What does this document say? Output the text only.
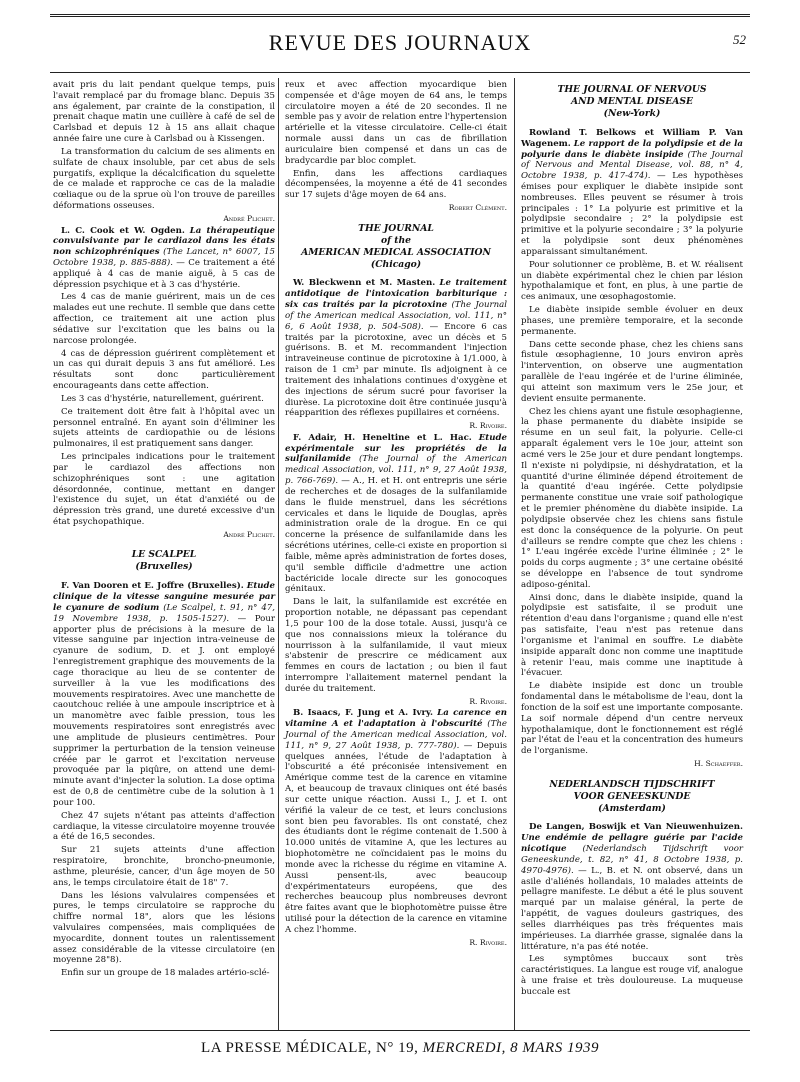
REVUE DES JOURNAUX	52

avait pris du lait pendant quelque temps, puis l'avait remplacé par du fromage blanc. Depuis 35 ans également, par crainte de la constipation, il prenait chaque matin une cuillère à café de sel de Carlsbad et depuis 12 à 15 ans allait chaque année faire une cure à Carlsbad ou à Kissengen.

La transformation du calcium de ses aliments en sulfate de chaux insoluble, par cet abus de sels purgatifs, explique la décalcification du squelette de ce malade et rapproche ce cas de la maladie cœliaque ou de la sprue où l'on trouve de pareilles déformations osseuses.

André Plichet.

L. C. Cook et W. Ogden. La thérapeutique convulsivante par le cardiazol dans les états non schizophréniques (The Lancet, n° 6007, 15 Octobre 1938, p. 885-888). — Ce traitement a été appliqué à 4 cas de manie aiguë, à 5 cas de dépression psychique et à 3 cas d'hystérie.

Les 4 cas de manie guérirent, mais un de ces malades eut une rechute. Il semble que dans cette affection, ce traitement ait une action plus sédative sur l'excitation que les bains ou la narcose prolongée.

4 cas de dépression guérirent complètement et un cas qui durait depuis 3 ans fut amélioré. Les résultats sont donc particulièrement encourageants dans cette affection.

Les 3 cas d'hystérie, naturellement, guérirent.

Ce traitement doit être fait à l'hôpital avec un personnel entraîné. En ayant soin d'éliminer les sujets atteints de cardiopathie ou de lésions pulmonaires, il est pratiquement sans danger.

Les principales indications pour le traitement par le cardiazol des affections non schizophréniques sont : une agitation désordonnée, continue, mettant en danger l'existence du sujet, un état d'anxiété ou de dépression très grand, une dureté excessive d'un état psychopathique.

André Plichet.

LE SCALPEL
(Bruxelles)

F. Van Dooren et E. Joffre (Bruxelles). Etude clinique de la vitesse sanguine mesurée par le cyanure de sodium (Le Scalpel, t. 91, n° 47, 19 Novembre 1938, p. 1505-1527). — Pour apporter plus de précisions à la mesure de la vitesse sanguine par injection intra-veineuse de cyanure de sodium, D. et J. ont employé l'enregistrement graphique des mouvements de la cage thoracique au lieu de se contenter de surveiller à la vue les modifications des mouvements respiratoires. Avec une manchette de caoutchouc reliée à une ampoule inscriptrice et à un manomètre avec faible pression, tous les mouvements respiratoires sont enregistrés avec une amplitude de plusieurs centimètres. Pour supprimer la perturbation de la tension veineuse créée par le garrot et l'excitation nerveuse provoquée par la piqûre, on attend une demi-minute avant d'injecter la solution. La dose optima est de 0,8 de centimètre cube de la solution à 1 pour 100.

Chez 47 sujets n'étant pas atteints d'affection cardiaque, la vitesse circulatoire moyenne trouvée a été de 16,5 secondes.

Sur 21 sujets atteints d'une affection respiratoire, bronchite, broncho-pneumonie, asthme, pleurésie, cancer, d'un âge moyen de 50 ans, le temps circulatoire était de 18" 7.

Dans les lésions valvulaires compensées et pures, le temps circulatoire se rapproche du chiffre normal 18", alors que les lésions valvulaires compensées, mais compliquées de myocardite, donnent toutes un ralentissement assez considérable de la vitesse circulatoire (en moyenne 28"8).

Enfin sur un groupe de 18 malades artério-sclé-

reux et avec affection myocardique bien compensée et d'âge moyen de 64 ans, le temps circulatoire moyen a été de 20 secondes. Il ne semble pas y avoir de relation entre l'hypertension artérielle et la vitesse circulatoire. Celle-ci était normale aussi dans un cas de fibrillation auriculaire bien compensé et dans un cas de bradycardie par bloc complet.

Enfin, dans les affections cardiaques décompensées, la moyenne a été de 41 secondes sur 17 sujets d'âge moyen de 64 ans.

Robert Clément.

THE JOURNAL
of the
AMERICAN MEDICAL ASSOCIATION
(Chicago)

W. Bleckwenn et M. Masten. Le traitement antidotique de l'intoxication barbiturique : six cas traités par la picrotoxine (The Journal of the American medical Association, vol. 111, n° 6, 6 Août 1938, p. 504-508). — Encore 6 cas traités par la picrotoxine, avec un décès et 5 guérisons. B. et M. recommandent l'injection intraveineuse continue de picrotoxine à 1/1.000, à raison de 1 cm³ par minute. Ils adjoignent à ce traitement des inhalations continues d'oxygène et des injections de sérum sucré pour favoriser la diurèse. La picrotoxine doit être continuée jusqu'à réapparition des réflexes pupillaires et cornéens.

R. Rivoire.

F. Adair, H. Heneltine et L. Hac. Etude expérimentale sur les propriétés de la sulfanilamide (The Journal of the American medical Association, vol. 111, n° 9, 27 Août 1938, p. 766-769). — A., H. et H. ont entrepris une série de recherches et de dosages de la sulfanilamide dans le fluide menstruel, dans les sécrétions cervicales et dans le liquide de Douglas, après administration orale de la drogue. En ce qui concerne la présence de sulfanilamide dans les sécrétions utérines, celle-ci existe en proportion si faible, même après administration de fortes doses, qu'il semble difficile d'admettre une action bactéricide locale directe sur les gonocoques génitaux.

Dans le lait, la sulfanilamide est excrétée en proportion notable, ne dépassant pas cependant 1,5 pour 100 de la dose totale. Aussi, jusqu'à ce que nos connaissions mieux la tolérance du nourrisson à la sulfanilamide, il vaut mieux s'abstenir de prescrire ce médicament aux femmes en cours de lactation ; ou bien il faut interrompre l'allaitement maternel pendant la durée du traitement.

R. Rivoire.

B. Isaacs, F. Jung et A. Ivry. La carence en vitamine A et l'adaptation à l'obscurité (The Journal of the American medical Association, vol. 111, n° 9, 27 Août 1938, p. 777-780). — Depuis quelques années, l'étude de l'adaptation à l'obscurité a été préconisée intensivement en Amérique comme test de la carence en vitamine A, et beaucoup de travaux cliniques ont été basés sur cette unique réaction. Aussi I., J. et I. ont vérifié la valeur de ce test, et leurs conclusions sont bien peu favorables. Ils ont constaté, chez des étudiants dont le régime contenait de 1.500 à 10.000 unités de vitamine A, que les lectures au biophotomètre ne coïncidaient pas le moins du monde avec la richesse du régime en vitamine A. Aussi pensent-ils, avec beaucoup d'expérimentateurs européens, que des recherches beaucoup plus nombreuses devront être faites avant que le biophotomètre puisse être utilisé pour la détection de la carence en vitamine A chez l'homme.

R. Rivoire.

THE JOURNAL OF NERVOUS
AND MENTAL DISEASE
(New-York)

Rowland T. Belkows et William P. Van Wagenem. Le rapport de la polydipsie et de la polyurie dans le diabète insipide (The Journal of Nervous and Mental Disease, vol. 88, n° 4, Octobre 1938, p. 417-474). — Les hypothèses émises pour expliquer le diabète insipide sont nombreuses. Elles peuvent se résumer à trois principales : 1° La polyurie est primitive et la polydipsie secondaire ; 2° la polydipsie est primitive et la polyurie secondaire ; 3° la polyurie et la polydipsie sont deux phénomènes apparaissant simultanément.

Pour solutionner ce problème, B. et W. réalisent un diabète expérimental chez le chien par lésion hypothalamique et font, en plus, à une partie de ces animaux, une œsophagostomie.

Le diabète insipide semble évoluer en deux phases, une première temporaire, et la seconde permanente.

Dans cette seconde phase, chez les chiens sans fistule œsophagienne, 10 jours environ après l'intervention, on observe une augmentation parallèle de l'eau ingérée et de l'urine éliminée, qui atteint son maximum vers le 25e jour, et devient ensuite permanente.

Chez les chiens ayant une fistule œsophagienne, la phase permanente du diabète insipide se résume en un seul fait, la polyurie. Celle-ci apparaît également vers le 10e jour, atteint son acmé vers le 25e jour et dure pendant longtemps. Il n'existe ni polydipsie, ni déshydratation, et la quantité d'urine éliminée dépend étroitement de la quantité d'eau ingérée. Cette polydipsie permanente constitue une vraie soif pathologique et le premier phénomène du diabète insipide. La polydipsie observée chez les chiens sans fistule est donc la conséquence de la polyurie. On peut d'ailleurs se rendre compte que chez les chiens : 1° L'eau ingérée excède l'urine éliminée ; 2° le poids du corps augmente ; 3° une certaine obésité se développe en l'absence de tout syndrome adiposo-génital.

Ainsi donc, dans le diabète insipide, quand la polydipsie est satisfaite, il se produit une rétention d'eau dans l'organisme ; quand elle n'est pas satisfaite, l'eau n'est pas retenue dans l'organisme et l'animal en souffre. Le diabète insipide apparaît donc non comme une inaptitude à retenir l'eau, mais comme une inaptitude à l'évacuer.

Le diabète insipide est donc un trouble fondamental dans le métabolisme de l'eau, dont la fonction de la soif est une importante composante. La soif normale dépend d'un centre nerveux hypothalamique, dont le fonctionnement est réglé par l'état de l'eau et la concentration des humeurs de l'organisme.

H. Schaeffer.

NEDERLANDSCH TIJDSCHRIFT
VOOR GENEESKUNDE
(Amsterdam)

De Langen, Boswijk et Van Nieuwenhuizen. Une endémie de pellagre guérie par l'acide nicotique (Nederlandsch Tijdschrift voor Geneeskunde, t. 82, n° 41, 8 Octobre 1938, p. 4970-4976). — L., B. et N. ont observé, dans un asile d'aliénés hollandais, 10 malades atteints de pellagre manifeste. Le début a été le plus souvent marqué par un malaise général, la perte de l'appétit, de vagues douleurs gastriques, des selles diarrhéiques pas très fréquentes mais impérieuses. La diarrhée grasse, signalée dans la littérature, n'a pas été notée.

Les symptômes buccaux sont très caractéristiques. La langue est rouge vif, analogue à une fraise et très douloureuse. La muqueuse buccale est

LA PRESSE MÉDICALE, N° 19, MERCREDI, 8 MARS 1939
